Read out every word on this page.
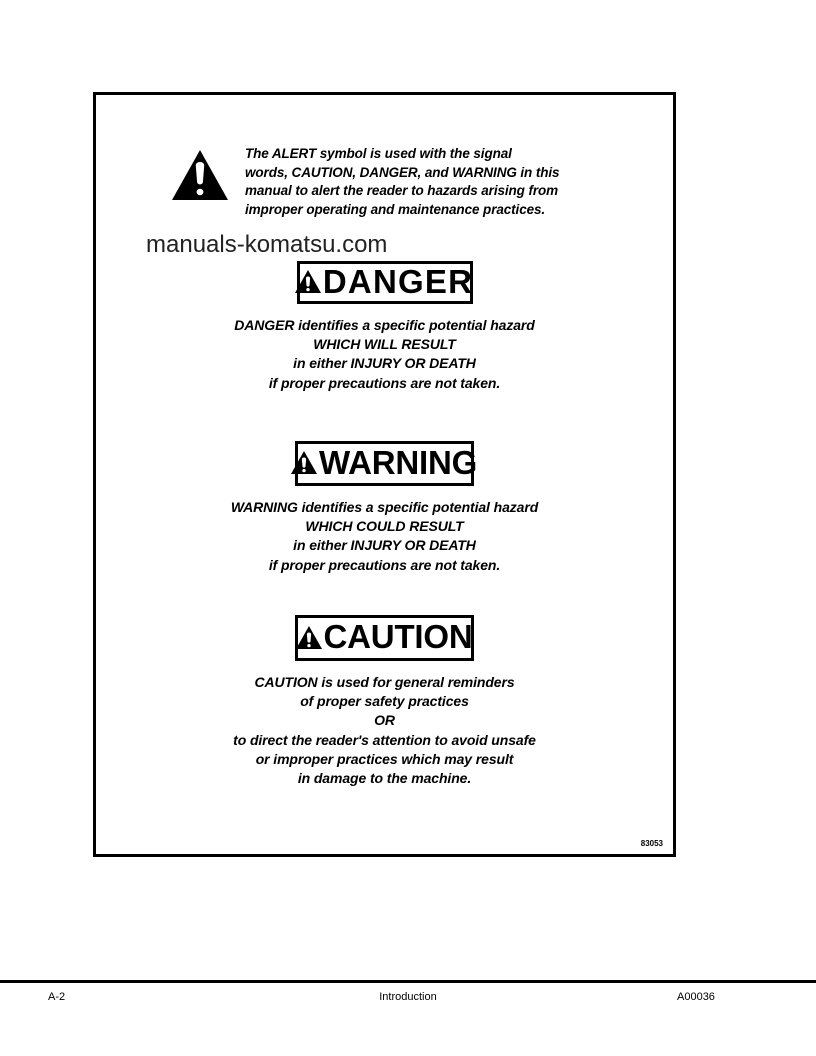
The ALERT symbol is used with the signal
words, CAUTION, DANGER, and WARNING in this
manual to alert the reader to hazards arising from
improper operating and maintenance practices.
manuals-komatsu.com
DANGER
DANGER identifies a specific potential hazard
WHICH WILL RESULT
in either INJURY OR DEATH
if proper precautions are not taken.
WARNING
WARNING identifies a specific potential hazard
WHICH COULD RESULT
in either INJURY OR DEATH
if proper precautions are not taken.
CAUTION
CAUTION is used for general reminders
of proper safety practices
OR
to direct the reader's attention to avoid unsafe
or improper practices which may result
in damage to the machine.
83053
A-2	Introduction	A00036
